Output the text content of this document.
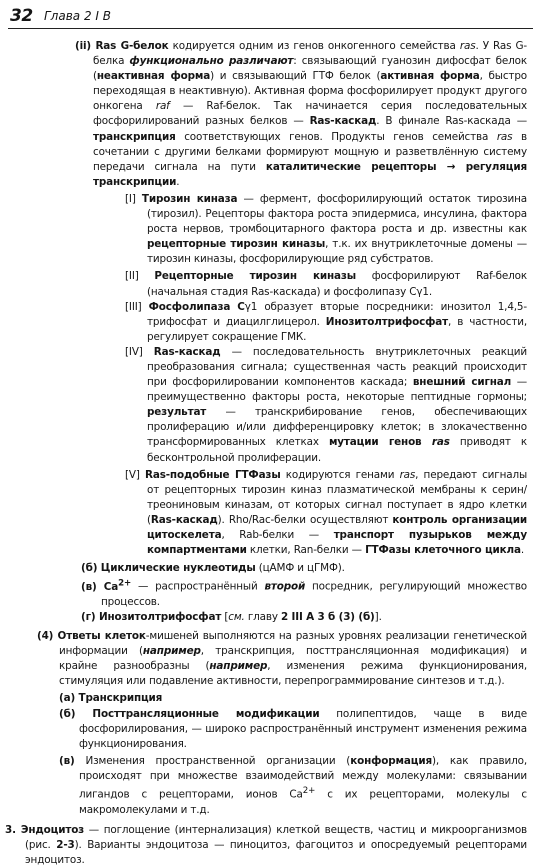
32 Глава 2 I В

(ii) Ras G-белок кодируется одним из генов онкогенного семейства ras. У Ras G-белка функционально различают: связывающий гуанозин дифосфат белок (неактивная форма) и связывающий ГТФ белок (активная форма, быстро переходящая в неактивную). Активная форма фосфорилирует продукт другого онкогена raf — Raf-белок. Так начинается серия последовательных фосфорилирований разных белков — Ras-каскад. В финале Ras-каскада — транскрипция соответствующих генов. Продукты генов семейства ras в сочетании с другими белками формируют мощную и разветвлённую систему передачи сигнала на пути каталитические рецепторы → регуляция транскрипции.

[I] Тирозин киназа — фермент, фосфорилирующий остаток тирозина (тирозил). Рецепторы фактора роста эпидермиса, инсулина, фактора роста нервов, тромбоцитарного фактора роста и др. известны как рецепторные тирозин киназы, т.к. их внутриклеточные домены — тирозин киназы, фосфорилирующие ряд субстратов.

[II] Рецепторные тирозин киназы фосфорилируют Raf-белок (начальная стадия Ras-каскада) и фосфолипазу Cγ1.

[III] Фосфолипаза Cγ1 образует вторые посредники: инозитол 1,4,5-трифосфат и диацилглицерол. Инозитолтрифосфат, в частности, регулирует сокращение ГМК.

[IV] Ras-каскад — последовательность внутриклеточных реакций преобразования сигнала; существенная часть реакций происходит при фосфорилировании компонентов каскада; внешний сигнал — преимущественно факторы роста, некоторые пептидные гормоны; результат — транскрибирование генов, обеспечивающих пролиферацию и/или дифференцировку клеток; в злокачественно трансформированных клетках мутации генов ras приводят к бесконтрольной пролиферации.

[V] Ras-подобные ГТФазы кодируются генами ras, передают сигналы от рецепторных тирозин киназ плазматической мембраны к серин/треониновым киназам, от которых сигнал поступает в ядро клетки (Ras-каскад). Rho/Rac-белки осуществляют контроль организации цитоскелета, Rab-белки — транспорт пузырьков между компартментами клетки, Ran-белки — ГТФазы клеточного цикла.

(б) Циклические нуклеотиды (цАМФ и цГМФ).

(в) $Ca^{2+}$ — распространённый второй посредник, регулирующий множество процессов.

(г) Инозитолтрифосфат [см. главу 2 III А 3 б (3) (б)].

(4) Ответы клеток-мишеней выполняются на разных уровнях реализации генетической информации (например, транскрипция, посттрансляционная модификация) и крайне разнообразны (например, изменения режима функционирования, стимуляция или подавление активности, перепрограммирование синтезов и т.д.).

(а) Транскрипция

(б) Посттрансляционные модификации полипептидов, чаще в виде фосфорилирования, — широко распространённый инструмент изменения режима функционирования.

(в) Изменения пространственной организации (конформация), как правило, происходят при множестве взаимодействий между молекулами: связывании лигандов с рецепторами, ионов $Ca^{2+}$ с их рецепторами, молекулы с макромолекулами и т.д.

3. Эндоцитоз — поглощение (интернализация) клеткой веществ, частиц и микроорганизмов (рис. 2-3). Варианты эндоцитоза — пиноцитоз, фагоцитоз и опосредуемый рецепторами эндоцитоз.
